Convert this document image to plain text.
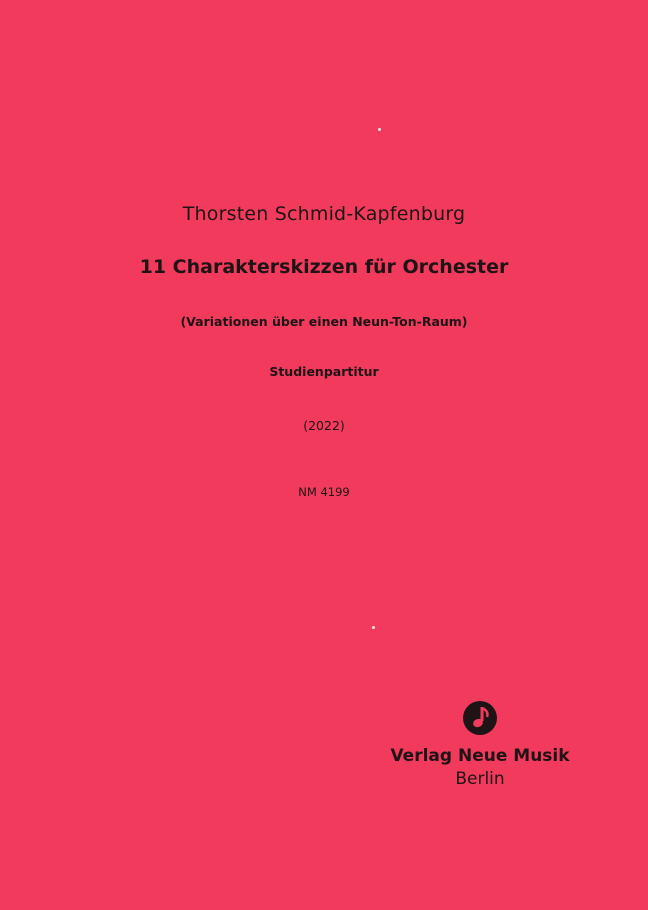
Thorsten Schmid-Kapfenburg

11 Charakterskizzen für Orchester

(Variationen über einen Neun-Ton-Raum)

Studienpartitur

(2022)

NM 4199

Verlag Neue Musik
Berlin
